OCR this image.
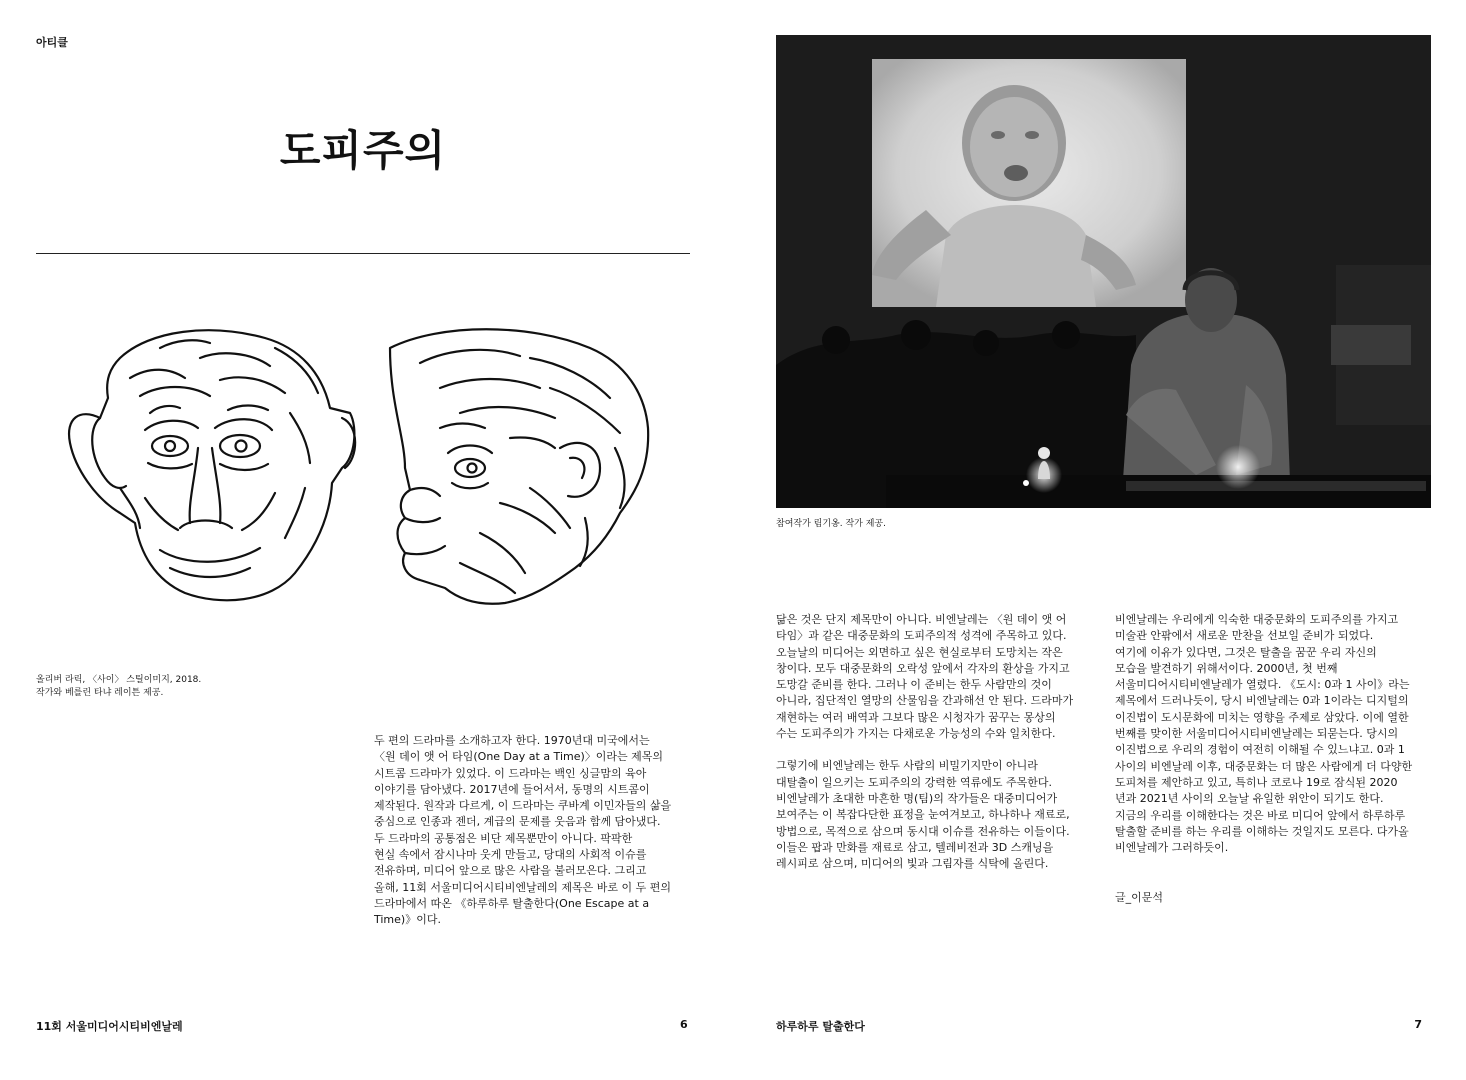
아티클
도피주의
올리버 라릭, 〈사이〉 스틸이미지, 2018.
작가와 베를린 타냐 레이튼 제공.

두 편의 드라마를 소개하고자 한다. 1970년대 미국에서는
〈원 데이 앳 어 타임(One Day at a Time)〉이라는 제목의
시트콤 드라마가 있었다. 이 드라마는 백인 싱글맘의 육아
이야기를 담아냈다. 2017년에 들어서서, 동명의 시트콤이
제작된다. 원작과 다르게, 이 드라마는 쿠바계 이민자들의 삶을
중심으로 인종과 젠더, 계급의 문제를 웃음과 함께 담아냈다.
두 드라마의 공통점은 비단 제목뿐만이 아니다. 팍팍한
현실 속에서 잠시나마 웃게 만들고, 당대의 사회적 이슈를
전유하며, 미디어 앞으로 많은 사람을 불러모은다. 그리고
올해, 11회 서울미디어시티비엔날레의 제목은 바로 이 두 편의
드라마에서 따온 《하루하루 탈출한다(One Escape at a
Time)》이다.

11회 서울미디어시티비엔날레	6
참여작가 림기옹. 작가 제공.

닮은 것은 단지 제목만이 아니다. 비엔날레는 〈원 데이 앳 어
타임〉과 같은 대중문화의 도피주의적 성격에 주목하고 있다.
오늘날의 미디어는 외면하고 싶은 현실로부터 도망치는 작은
창이다. 모두 대중문화의 오락성 앞에서 각자의 환상을 가지고
도망갈 준비를 한다. 그러나 이 준비는 한두 사람만의 것이
아니라, 집단적인 열망의 산물임을 간과해선 안 된다. 드라마가
재현하는 여러 배역과 그보다 많은 시청자가 꿈꾸는 몽상의
수는 도피주의가 가지는 다채로운 가능성의 수와 일치한다.

그렇기에 비엔날레는 한두 사람의 비밀기지만이 아니라
대탈출이 일으키는 도피주의의 강력한 역류에도 주목한다.
비엔날레가 초대한 마흔한 명(팀)의 작가들은 대중미디어가
보여주는 이 복잡다단한 표정을 눈여겨보고, 하나하나 재료로,
방법으로, 목적으로 삼으며 동시대 이슈를 전유하는 이들이다.
이들은 팝과 만화를 재료로 삼고, 텔레비전과 3D 스캐닝을
레시피로 삼으며, 미디어의 빛과 그림자를 식탁에 올린다.

비엔날레는 우리에게 익숙한 대중문화의 도피주의를 가지고
미술관 안팎에서 새로운 만찬을 선보일 준비가 되었다.
여기에 이유가 있다면, 그것은 탈출을 꿈꾼 우리 자신의
모습을 발견하기 위해서이다. 2000년, 첫 번째
서울미디어시티비엔날레가 열렸다. 《도시: 0과 1 사이》라는
제목에서 드러나듯이, 당시 비엔날레는 0과 1이라는 디지털의
이진법이 도시문화에 미치는 영향을 주제로 삼았다. 이에 열한
번째를 맞이한 서울미디어시티비엔날레는 되묻는다. 당시의
이진법으로 우리의 경험이 여전히 이해될 수 있느냐고. 0과 1
사이의 비엔날레 이후, 대중문화는 더 많은 사람에게 더 다양한
도피처를 제안하고 있고, 특히나 코로나 19로 잠식된 2020
년과 2021년 사이의 오늘날 유일한 위안이 되기도 한다.
지금의 우리를 이해한다는 것은 바로 미디어 앞에서 하루하루
탈출할 준비를 하는 우리를 이해하는 것일지도 모른다. 다가올
비엔날레가 그러하듯이.

글_이문석
하루하루 탈출한다	7
